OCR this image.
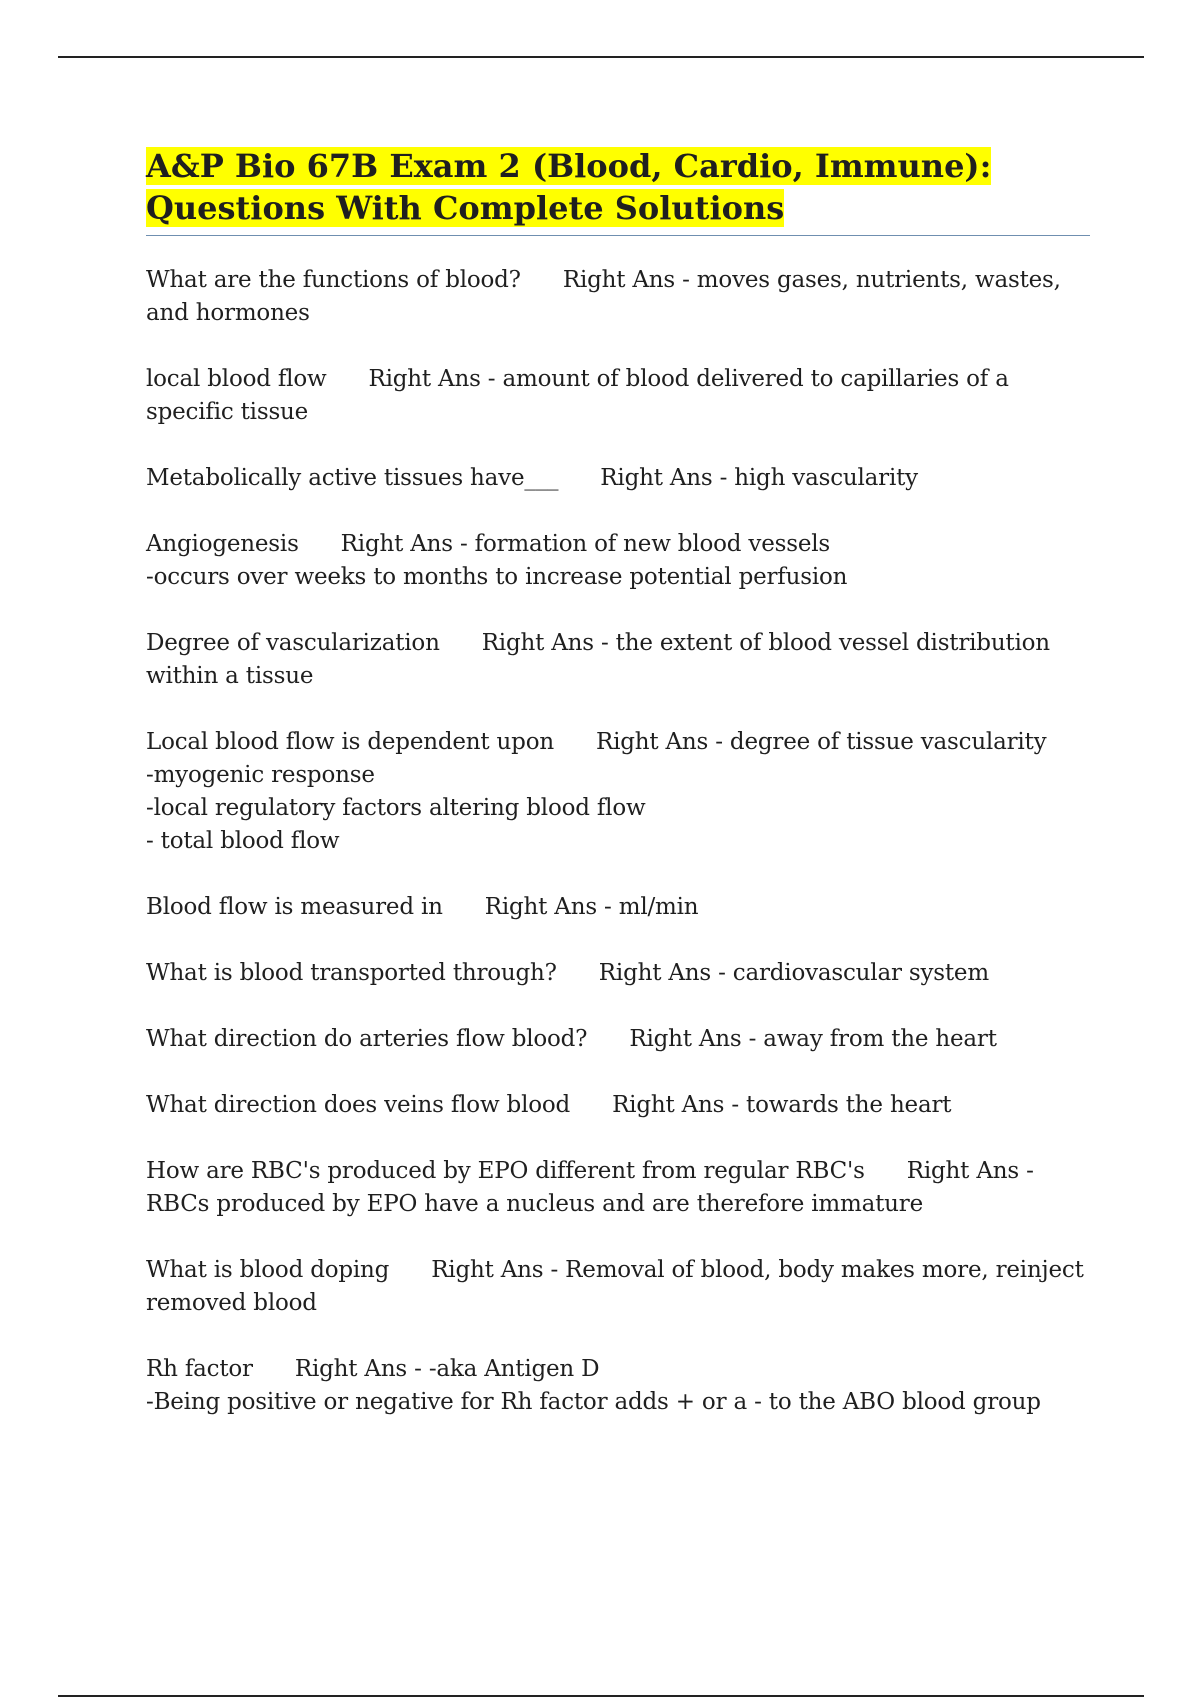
A&P Bio 67B Exam 2 (Blood, Cardio, Immune):
Questions With Complete Solutions
What are the functions of blood? Right Ans - moves gases, nutrients, wastes, and hormones
local blood flow Right Ans - amount of blood delivered to capillaries of a specific tissue
Metabolically active tissues have___ Right Ans - high vascularity
Angiogenesis Right Ans - formation of new blood vessels
-occurs over weeks to months to increase potential perfusion
Degree of vascularization Right Ans - the extent of blood vessel distribution within a tissue
Local blood flow is dependent upon Right Ans - degree of tissue vascularity
-myogenic response
-local regulatory factors altering blood flow
- total blood flow
Blood flow is measured in Right Ans - ml/min
What is blood transported through? Right Ans - cardiovascular system
What direction do arteries flow blood? Right Ans - away from the heart
What direction does veins flow blood Right Ans - towards the heart
How are RBC's produced by EPO different from regular RBC's Right Ans - RBCs produced by EPO have a nucleus and are therefore immature
What is blood doping Right Ans - Removal of blood, body makes more, reinject removed blood
Rh factor Right Ans - -aka Antigen D
-Being positive or negative for Rh factor adds + or a - to the ABO blood group
